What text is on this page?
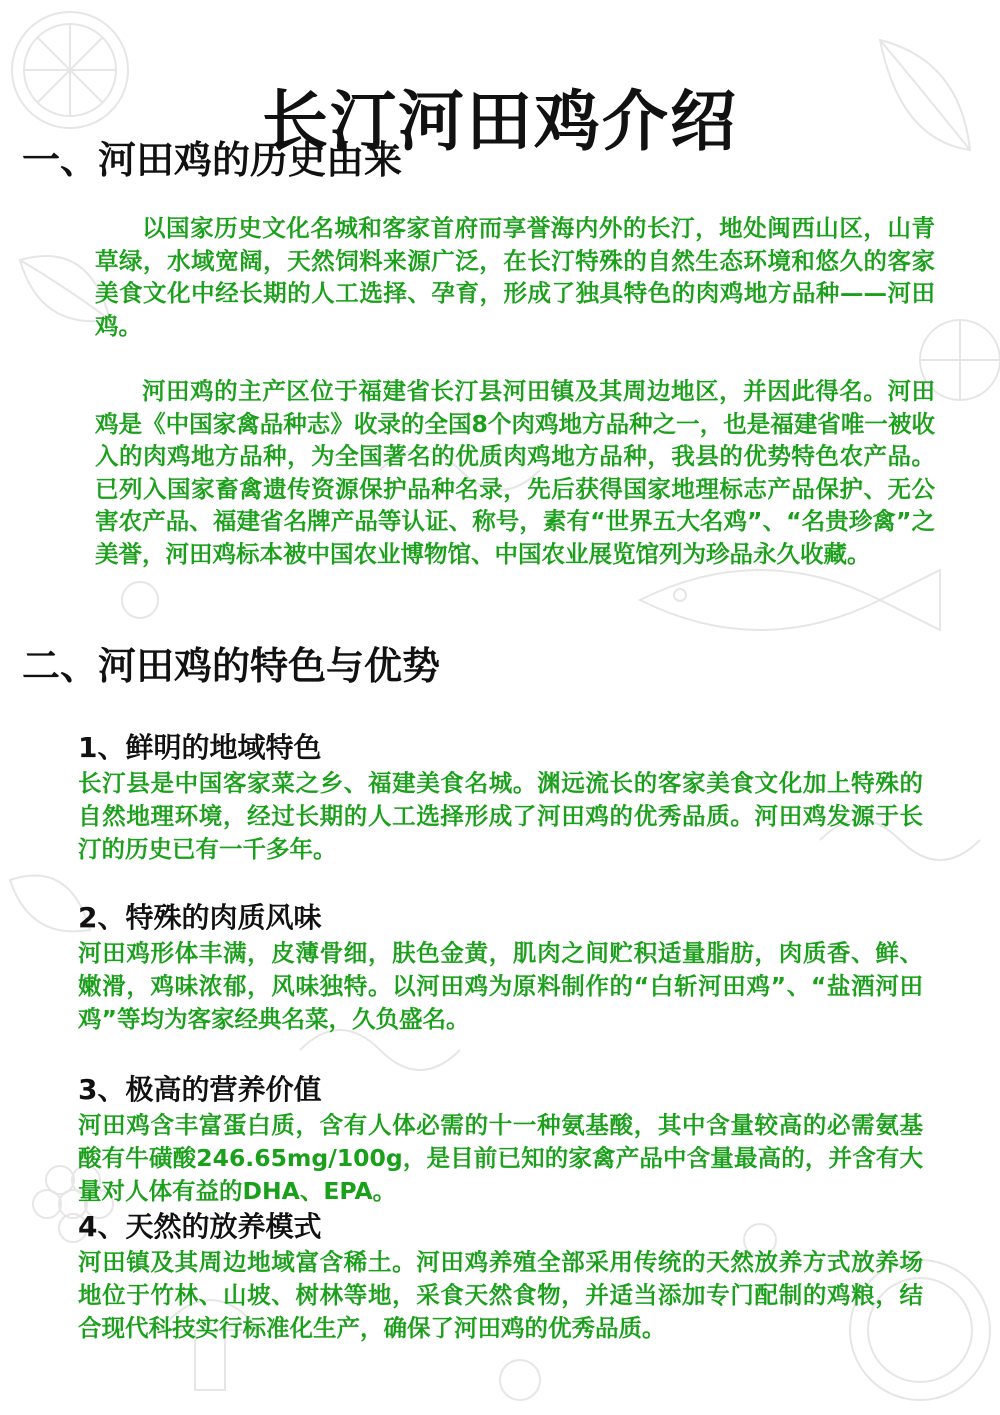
长汀河田鸡介绍
一、河田鸡的历史由来

以国家历史文化名城和客家首府而享誉海内外的长汀，地处闽西山区，山青草绿，水域宽阔，天然饲料来源广泛，在长汀特殊的自然生态环境和悠久的客家美食文化中经长期的人工选择、孕育，形成了独具特色的肉鸡地方品种——河田鸡。

河田鸡的主产区位于福建省长汀县河田镇及其周边地区，并因此得名。河田鸡是《中国家禽品种志》收录的全国8个肉鸡地方品种之一，也是福建省唯一被收入的肉鸡地方品种，为全国著名的优质肉鸡地方品种，我县的优势特色农产品。已列入国家畜禽遗传资源保护品种名录，先后获得国家地理标志产品保护、无公害农产品、福建省名牌产品等认证、称号，素有“世界五大名鸡”、“名贵珍禽”之美誉，河田鸡标本被中国农业博物馆、中国农业展览馆列为珍品永久收藏。

二、河田鸡的特色与优势
1、鲜明的地域特色

长汀县是中国客家菜之乡、福建美食名城。渊远流长的客家美食文化加上特殊的自然地理环境，经过长期的人工选择形成了河田鸡的优秀品质。河田鸡发源于长汀的历史已有一千多年。

2、特殊的肉质风味

河田鸡形体丰满，皮薄骨细，肤色金黄，肌肉之间贮积适量脂肪，肉质香、鲜、嫩滑，鸡味浓郁，风味独特。以河田鸡为原料制作的“白斩河田鸡”、“盐酒河田鸡”等均为客家经典名菜，久负盛名。

3、极高的营养价值

河田鸡含丰富蛋白质，含有人体必需的十一种氨基酸，其中含量较高的必需氨基酸有牛磺酸246.65mg/100g，是目前已知的家禽产品中含量最高的，并含有大量对人体有益的DHA、EPA。

4、天然的放养模式

河田镇及其周边地域富含稀土。河田鸡养殖全部采用传统的天然放养方式放养场地位于竹林、山坡、树林等地，采食天然食物，并适当添加专门配制的鸡粮，结合现代科技实行标准化生产，确保了河田鸡的优秀品质。
